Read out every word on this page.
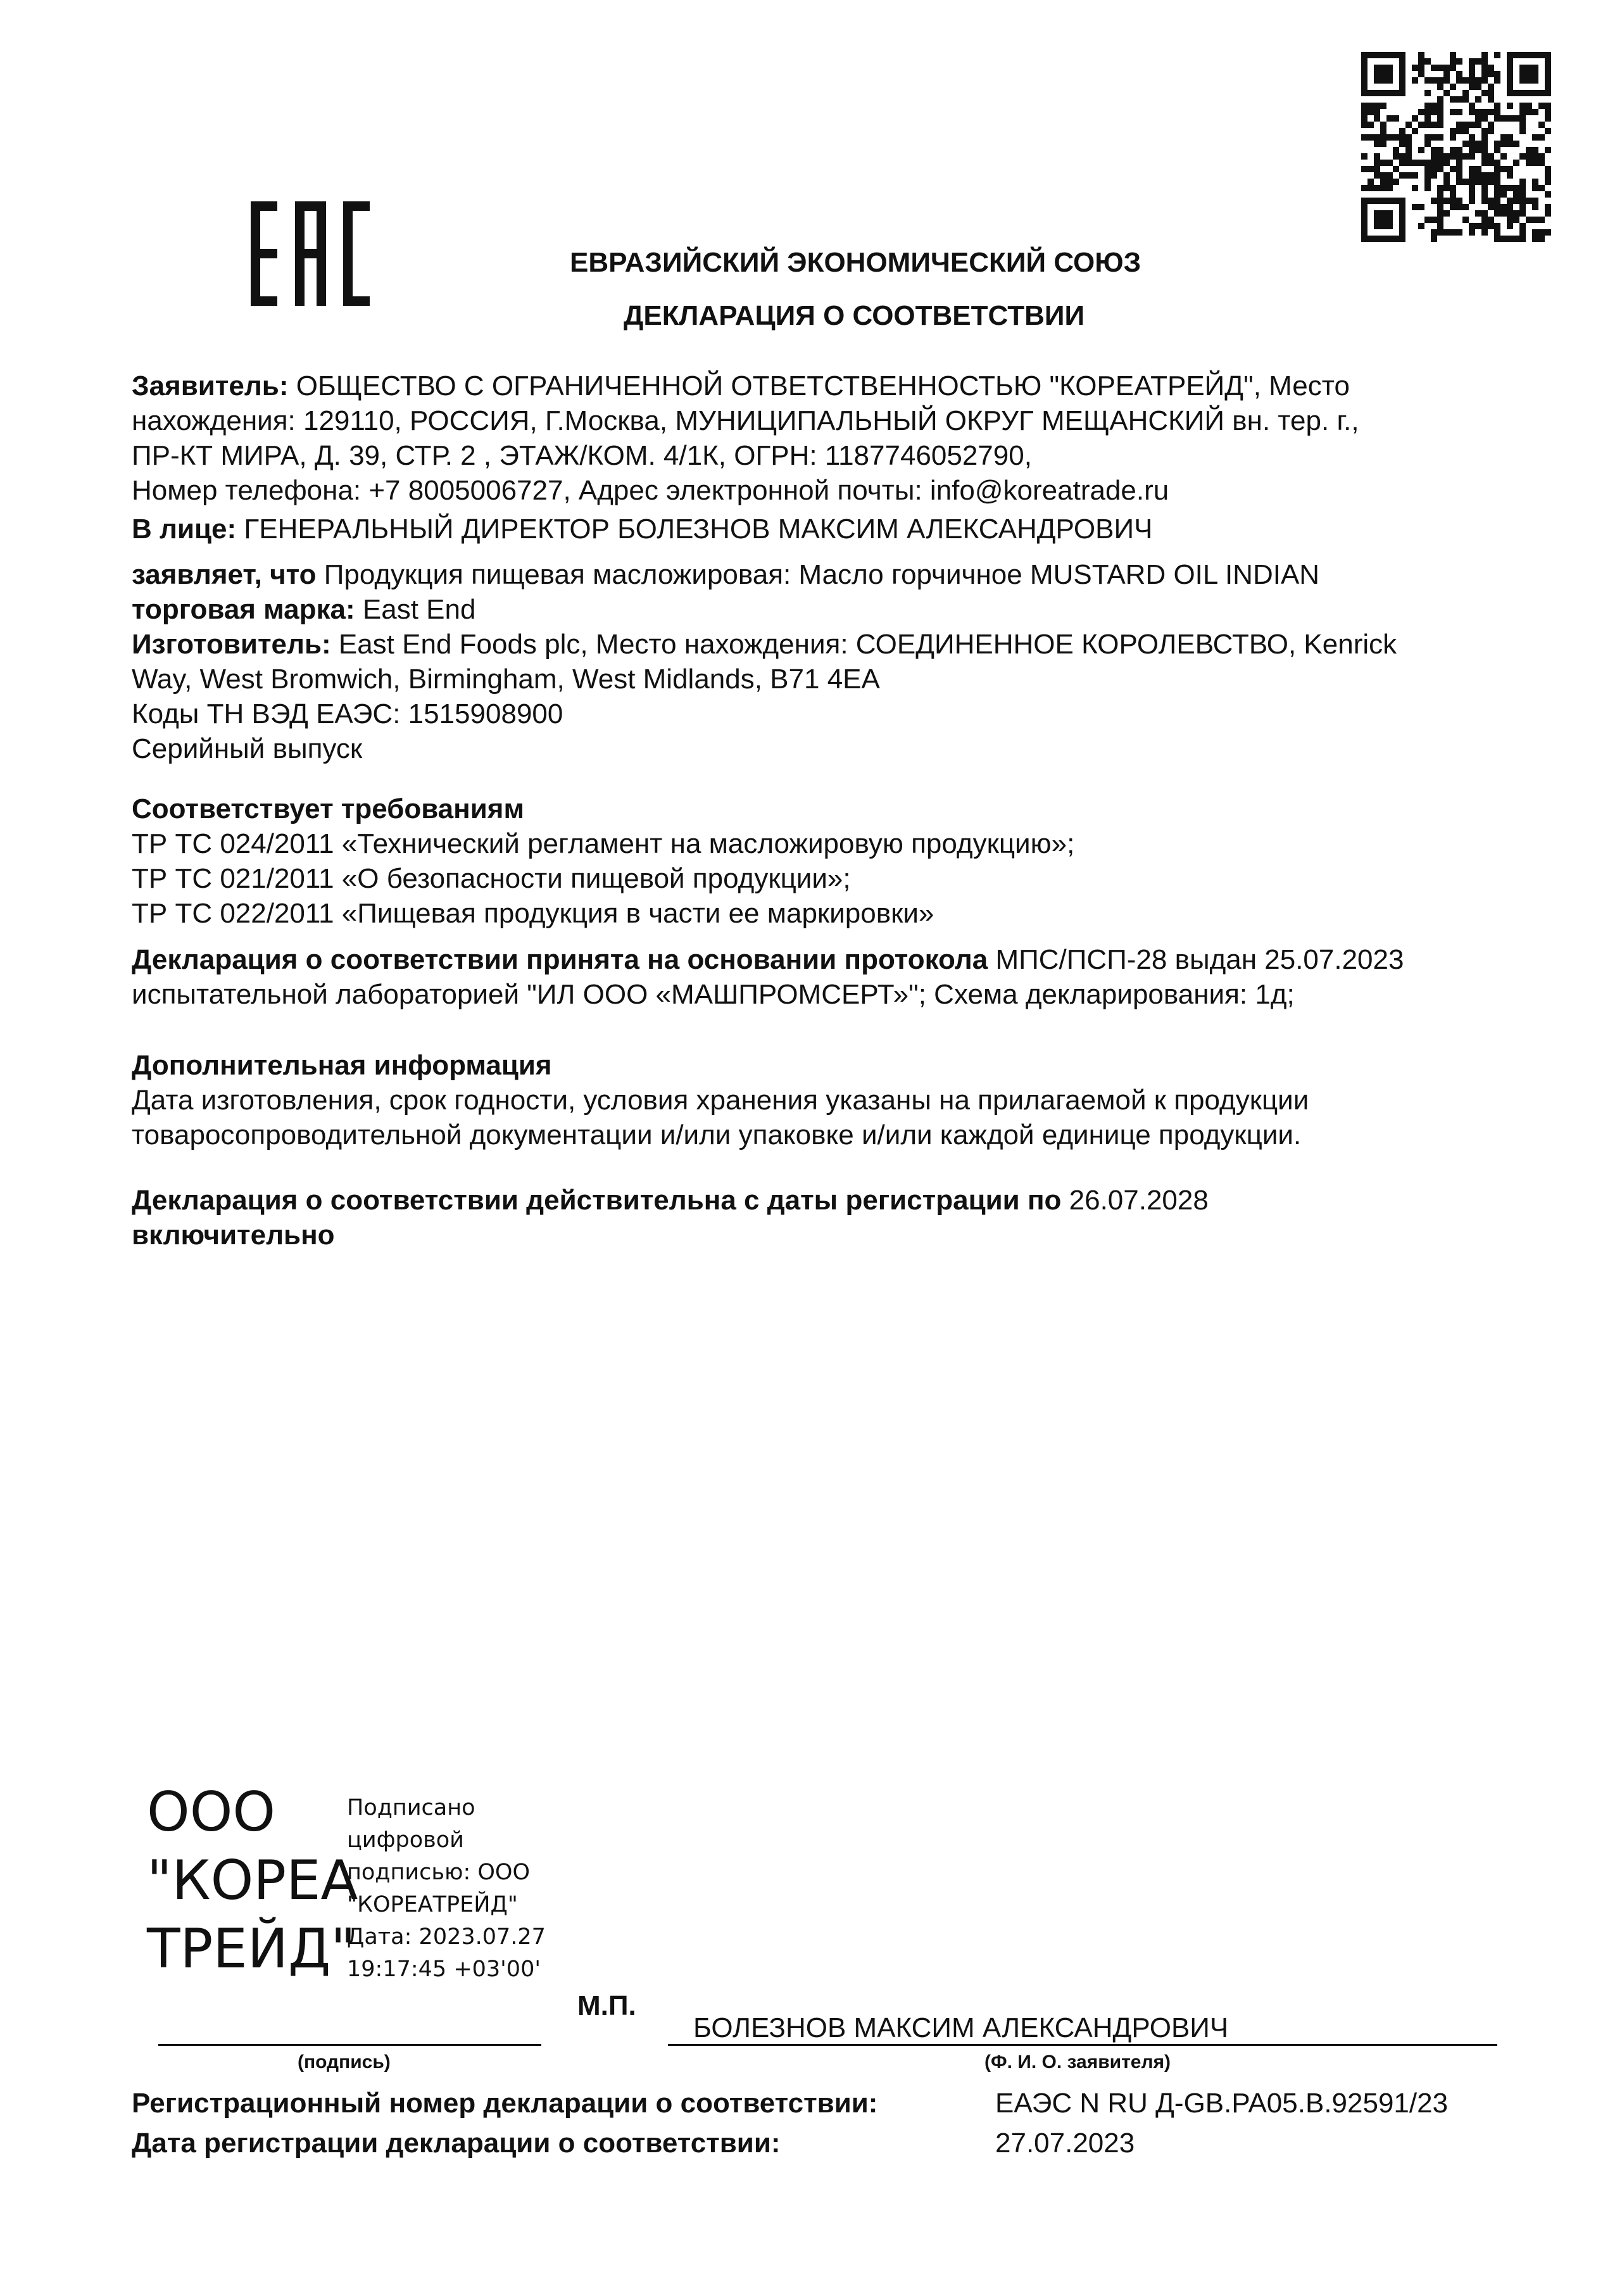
ЕВРАЗИЙСКИЙ ЭКОНОМИЧЕСКИЙ СОЮЗ
ДЕКЛАРАЦИЯ О СООТВЕТСТВИИ
Заявитель: ОБЩЕСТВО С ОГРАНИЧЕННОЙ ОТВЕТСТВЕННОСТЬЮ "КОРЕАТРЕЙД", Место
нахождения: 129110, РОССИЯ, Г.Москва, МУНИЦИПАЛЬНЫЙ ОКРУГ МЕЩАНСКИЙ вн. тер. г.,
ПР-КТ МИРА, Д. 39, СТР. 2 , ЭТАЖ/КОМ. 4/1К, ОГРН: 1187746052790,
Номер телефона: +7 8005006727, Адрес электронной почты: info@koreatrade.ru
В лице: ГЕНЕРАЛЬНЫЙ ДИРЕКТОР БОЛЕЗНОВ МАКСИМ АЛЕКСАНДРОВИЧ
заявляет, что Продукция пищевая масложировая: Масло горчичное MUSTARD OIL INDIAN
торговая марка: East End
Изготовитель: East End Foods plc, Место нахождения: СОЕДИНЕННОЕ КОРОЛЕВСТВО, Kenrick
Way, West Bromwich, Birmingham, West Midlands, B71 4EA
Коды ТН ВЭД ЕАЭС: 1515908900
Серийный выпуск
Соответствует требованиям
ТР ТС 024/2011 «Технический регламент на масложировую продукцию»;
ТР ТС 021/2011 «О безопасности пищевой продукции»;
ТР ТС 022/2011 «Пищевая продукция в части ее маркировки»
Декларация о соответствии принята на основании протокола МПС/ПСП-28 выдан 25.07.2023
испытательной лабораторией "ИЛ ООО «МАШПРОМСЕРТ»"; Схема декларирования: 1д;
Дополнительная информация
Дата изготовления, срок годности, условия хранения указаны на прилагаемой к продукции
товаросопроводительной документации и/или упаковке и/или каждой единице продукции.
Декларация о соответствии действительна с даты регистрации по 26.07.2028
включительно
ООО
"КОРЕА
ТРЕЙД"
Подписано
цифровой
подписью: ООО
"КОРЕАТРЕЙД"
Дата: 2023.07.27
19:17:45 +03'00'
М.П.
БОЛЕЗНОВ МАКСИМ АЛЕКСАНДРОВИЧ
(подпись)	(Ф. И. О. заявителя)
Регистрационный номер декларации о соответствии:	ЕАЭС N RU Д-GB.PA05.B.92591/23
Дата регистрации декларации о соответствии:	27.07.2023
